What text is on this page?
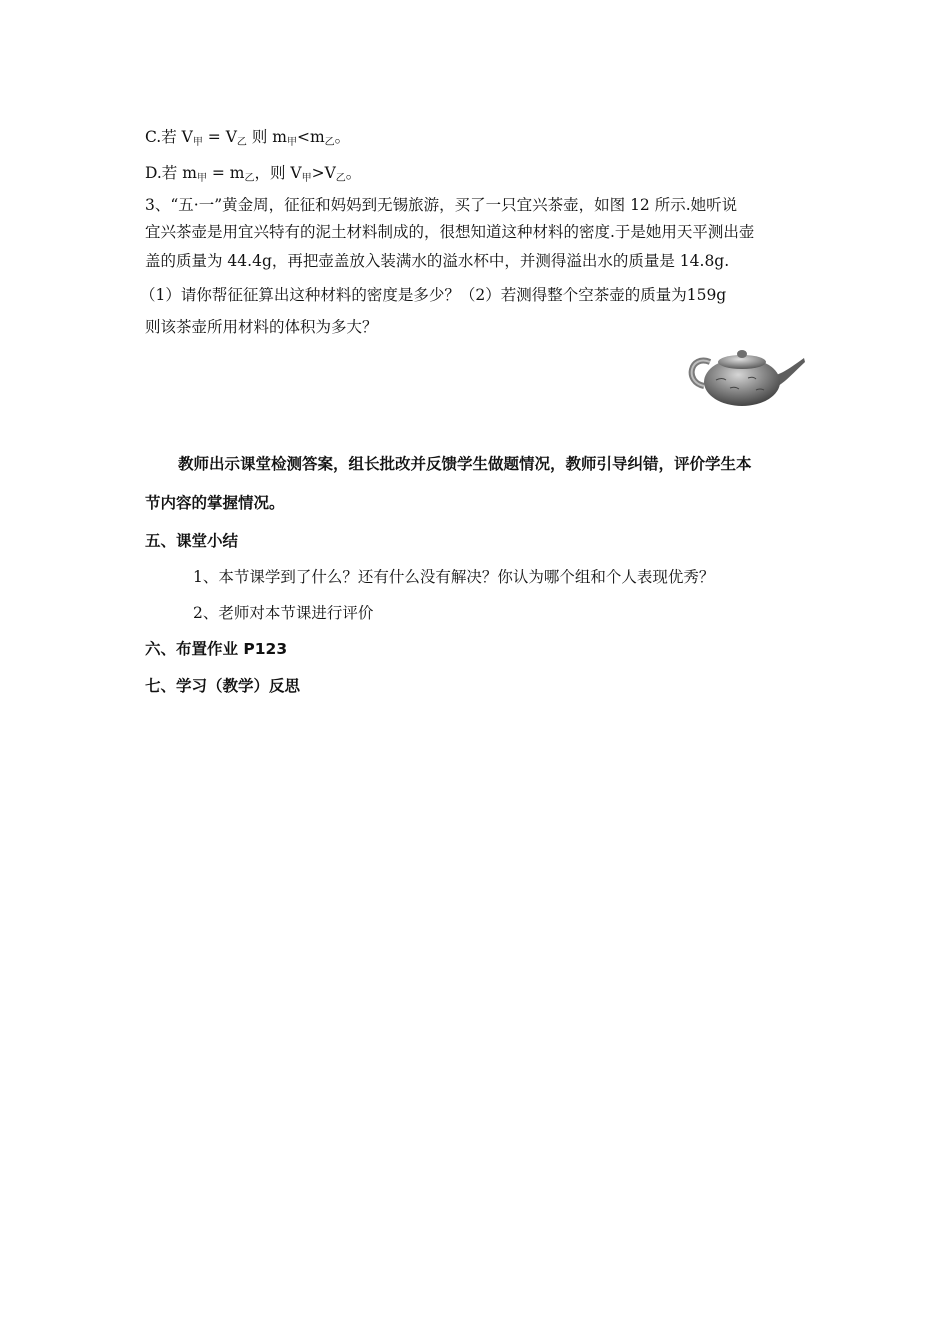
C.若 $V_甲 = V_乙$ 则 $m_甲<m_乙$。
D.若 $m_甲 = m_乙$，则 $V_甲>V_乙$。
3、“五·一”黄金周，征征和妈妈到无锡旅游，买了一只宜兴茶壶，如图 12 所示.她听说
宜兴茶壶是用宜兴特有的泥土材料制成的，很想知道这种材料的密度.于是她用天平测出壶
盖的质量为 44.4g，再把壶盖放入装满水的溢水杯中，并测得溢出水的质量是 14.8g.
（1）请你帮征征算出这种材料的密度是多少？（2）若测得整个空茶壶的质量为159g
则该茶壶所用材料的体积为多大？
教师出示课堂检测答案，组长批改并反馈学生做题情况，教师引导纠错，评价学生本
节内容的掌握情况。
五、课堂小结
1、本节课学到了什么？还有什么没有解决？你认为哪个组和个人表现优秀？
2、老师对本节课进行评价
六、布置作业 P123
七、学习（教学）反思
